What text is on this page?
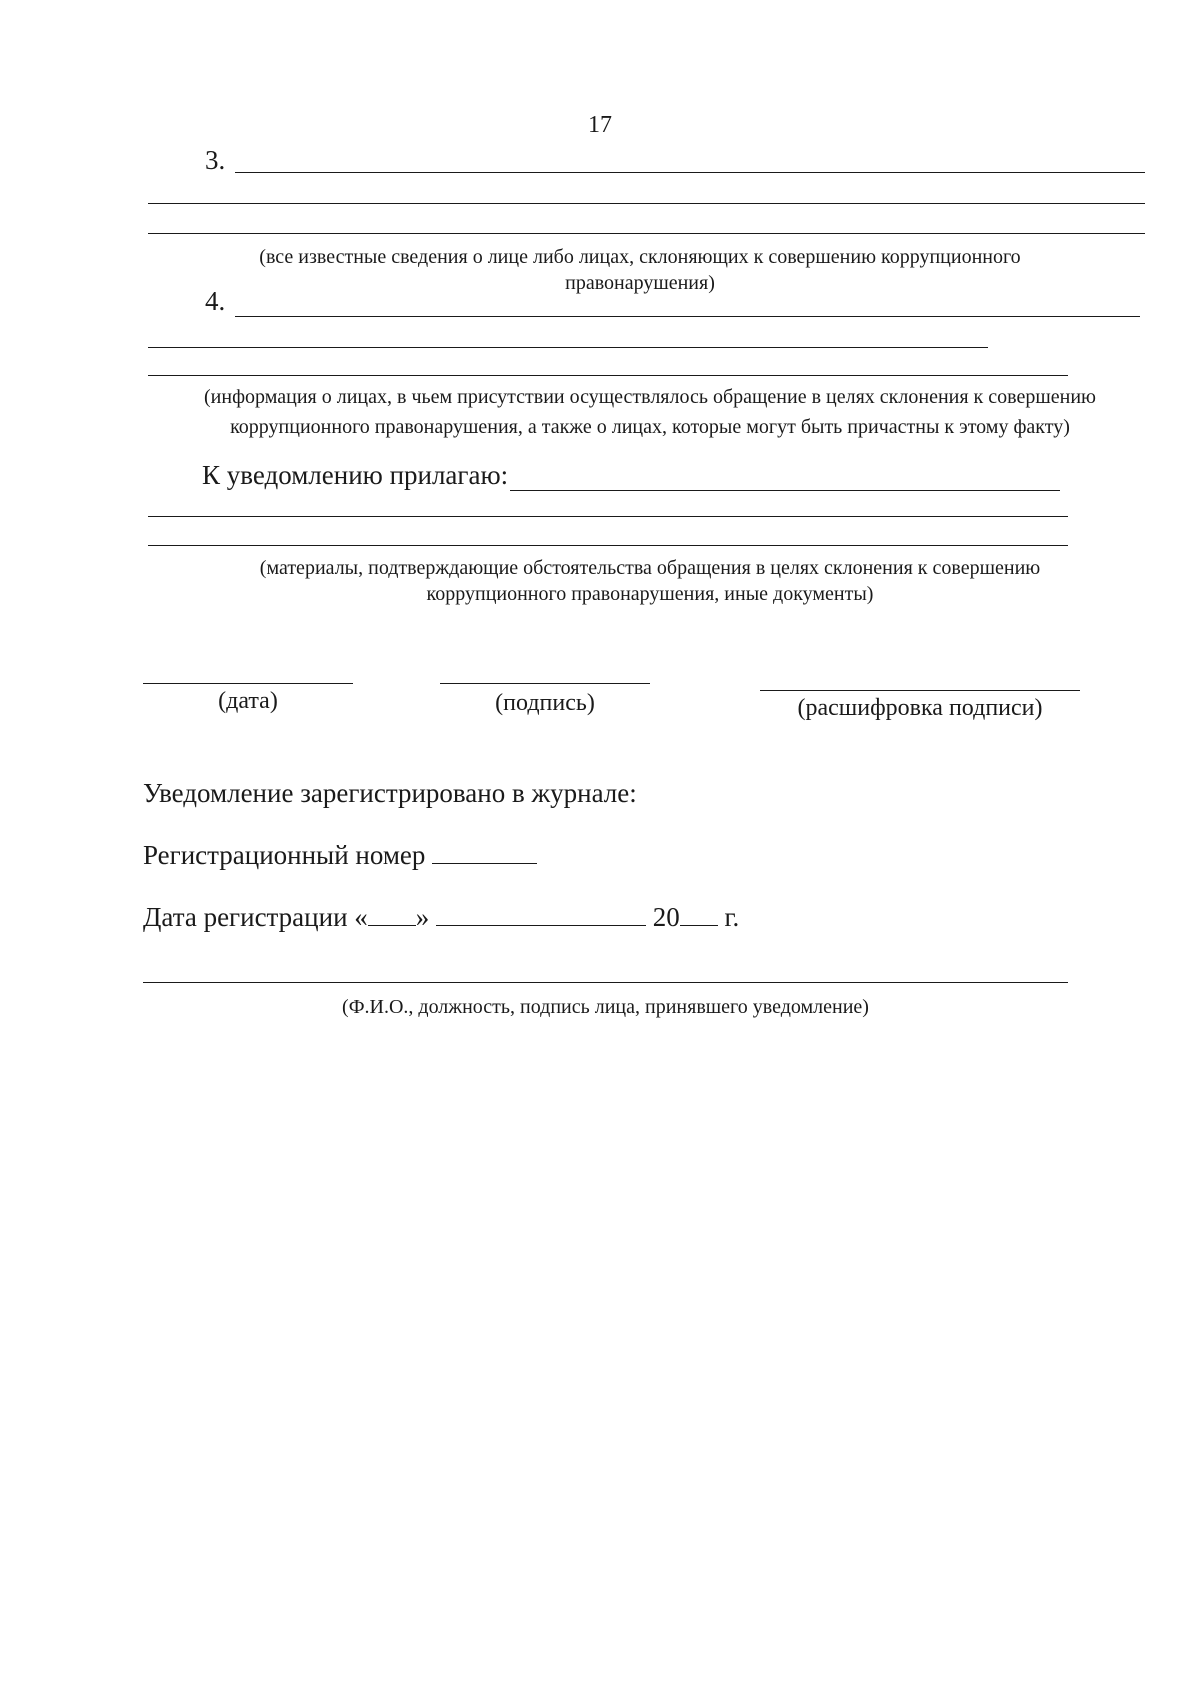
17
3.
(все известные сведения о лице либо лицах, склоняющих к совершению коррупционного
правонарушения)
4.
(информация о лицах, в чьем присутствии осуществлялось обращение в целях склонения к совершению
коррупционного правонарушения, а также о лицах, которые могут быть причастны к этому факту)
К уведомлению прилагаю:
(материалы, подтверждающие обстоятельства обращения в целях склонения к совершению
коррупционного правонарушения, иные документы)
(дата)	(подпись)	(расшифровка подписи)
Уведомление зарегистрировано в журнале:
Регистрационный номер
Дата регистрации « »	20 г.
(Ф.И.О., должность, подпись лица, принявшего уведомление)
